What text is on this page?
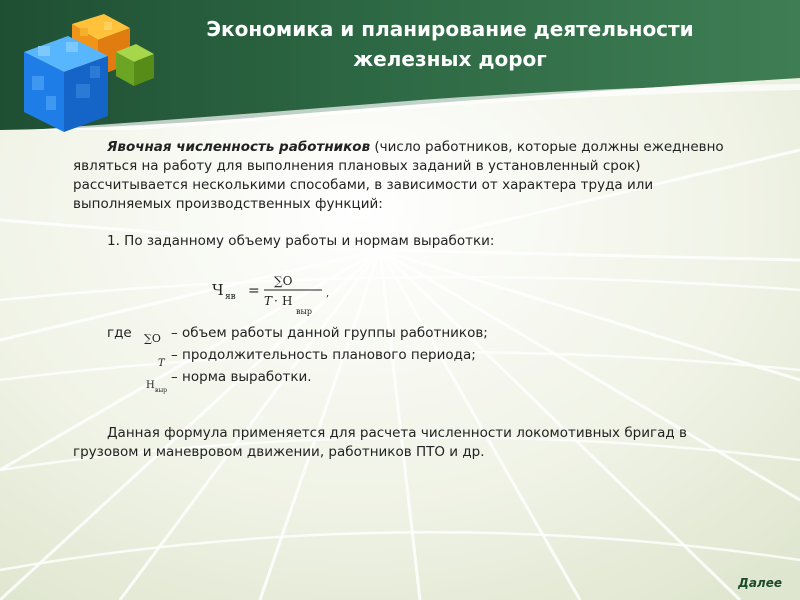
Экономика и планирование деятельности
железных дорог

Явочная численность работников (число работников, которые должны ежедневно являться на работу для выполнения плановых заданий в установленный срок) рассчитывается несколькими способами, в зависимости от характера труда или выполняемых производственных функций:

1. По заданному объему работы и нормам выработки:

Ч яв =
∑O
T · H
выр
,
где	– объем работы данной группы работников;
– продолжительность планового периода;
– норма выработки.
∑O
T
H выр

Данная формула применяется для расчета численности локомотивных бригад в грузовом и маневровом движении, работников ПТО и др.

Далее
